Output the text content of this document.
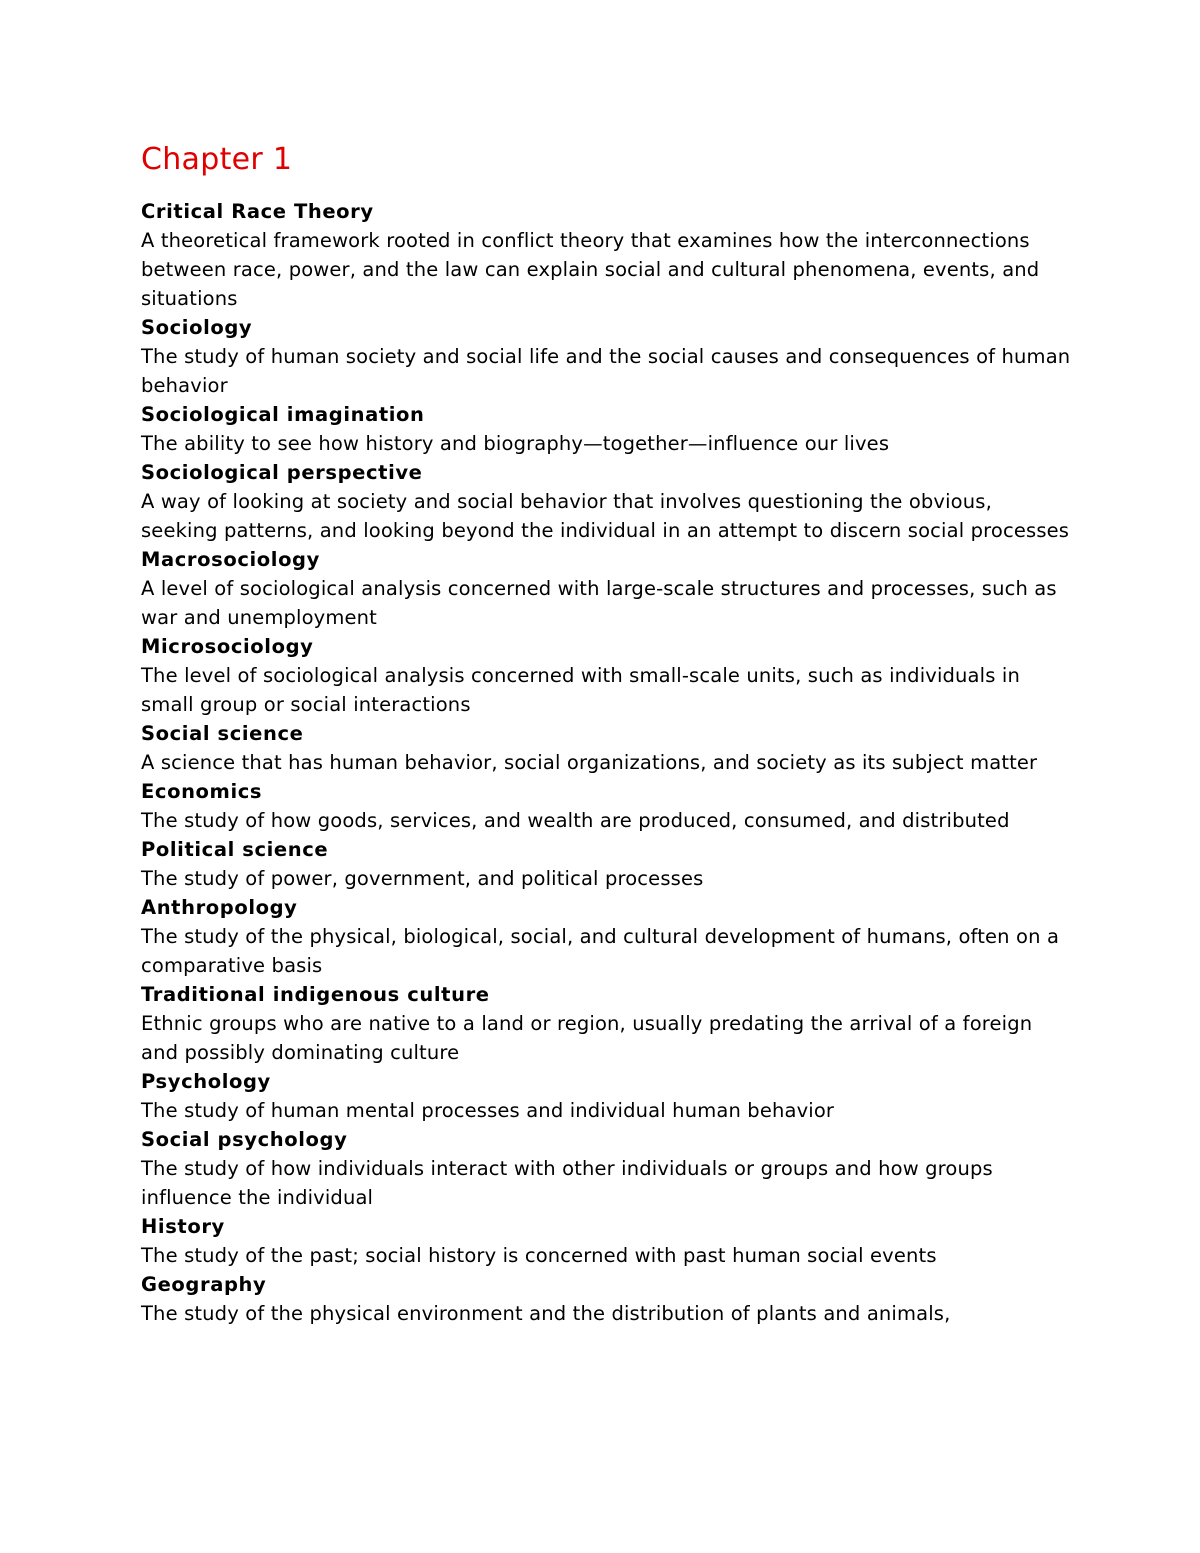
Chapter 1

Critical Race Theory

A theoretical framework rooted in conflict theory that examines how the interconnections between race, power, and the law can explain social and cultural phenomena, events, and situations

Sociology

The study of human society and social life and the social causes and consequences of human behavior

Sociological imagination

The ability to see how history and biography—together—influence our lives

Sociological perspective

A way of looking at society and social behavior that involves questioning the obvious, seeking patterns, and looking beyond the individual in an attempt to discern social processes

Macrosociology

A level of sociological analysis concerned with large-scale structures and processes, such as war and unemployment

Microsociology

The level of sociological analysis concerned with small-scale units, such as individuals in small group or social interactions

Social science

A science that has human behavior, social organizations, and society as its subject matter

Economics

The study of how goods, services, and wealth are produced, consumed, and distributed

Political science

The study of power, government, and political processes

Anthropology

The study of the physical, biological, social, and cultural development of humans, often on a comparative basis

Traditional indigenous culture

Ethnic groups who are native to a land or region, usually predating the arrival of a foreign and possibly dominating culture

Psychology

The study of human mental processes and individual human behavior

Social psychology

The study of how individuals interact with other individuals or groups and how groups influence the individual

History

The study of the past; social history is concerned with past human social events

Geography

The study of the physical environment and the distribution of plants and animals,
